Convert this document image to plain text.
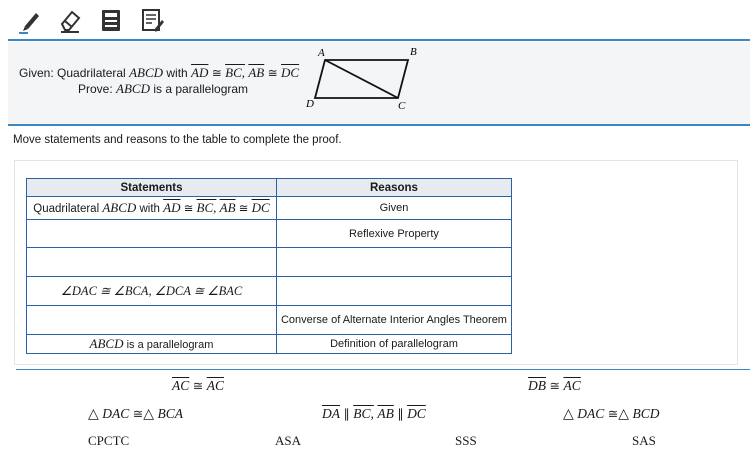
Given: Quadrilateral ABCD with $\overline{AD}$ ≅ BC, $\overline{AB}$ ≅ $\overline{DC}$
Prove: ABCD is a parallelogram
A	B
C
D
Move statements and reasons to the table to complete the proof.
Statements	Reasons
Quadrilateral ABCD with $\overline{AD}$ ≅ BC, $\overline{AB}$ ≅ $\overline{DC}$	Given
	Reflexive Property

∠DAC ≅ ∠BCA, ∠DCA ≅ ∠BAC	
	Converse of Alternate Interior Angles Theorem
ABCD is a parallelogram	Definition of parallelogram
$\overline{AC}$ ≅ $\overline{AC}$	$\overline{DB}$ ≅ $\overline{AC}$
△ DAC ≅△ BCA	$\overline{DA}$ ∥ BC, $\overline{AB}$ ∥ $\overline{DC}$	△ DAC ≅△ BCD
CPCTC	ASA	SSS	SAS
